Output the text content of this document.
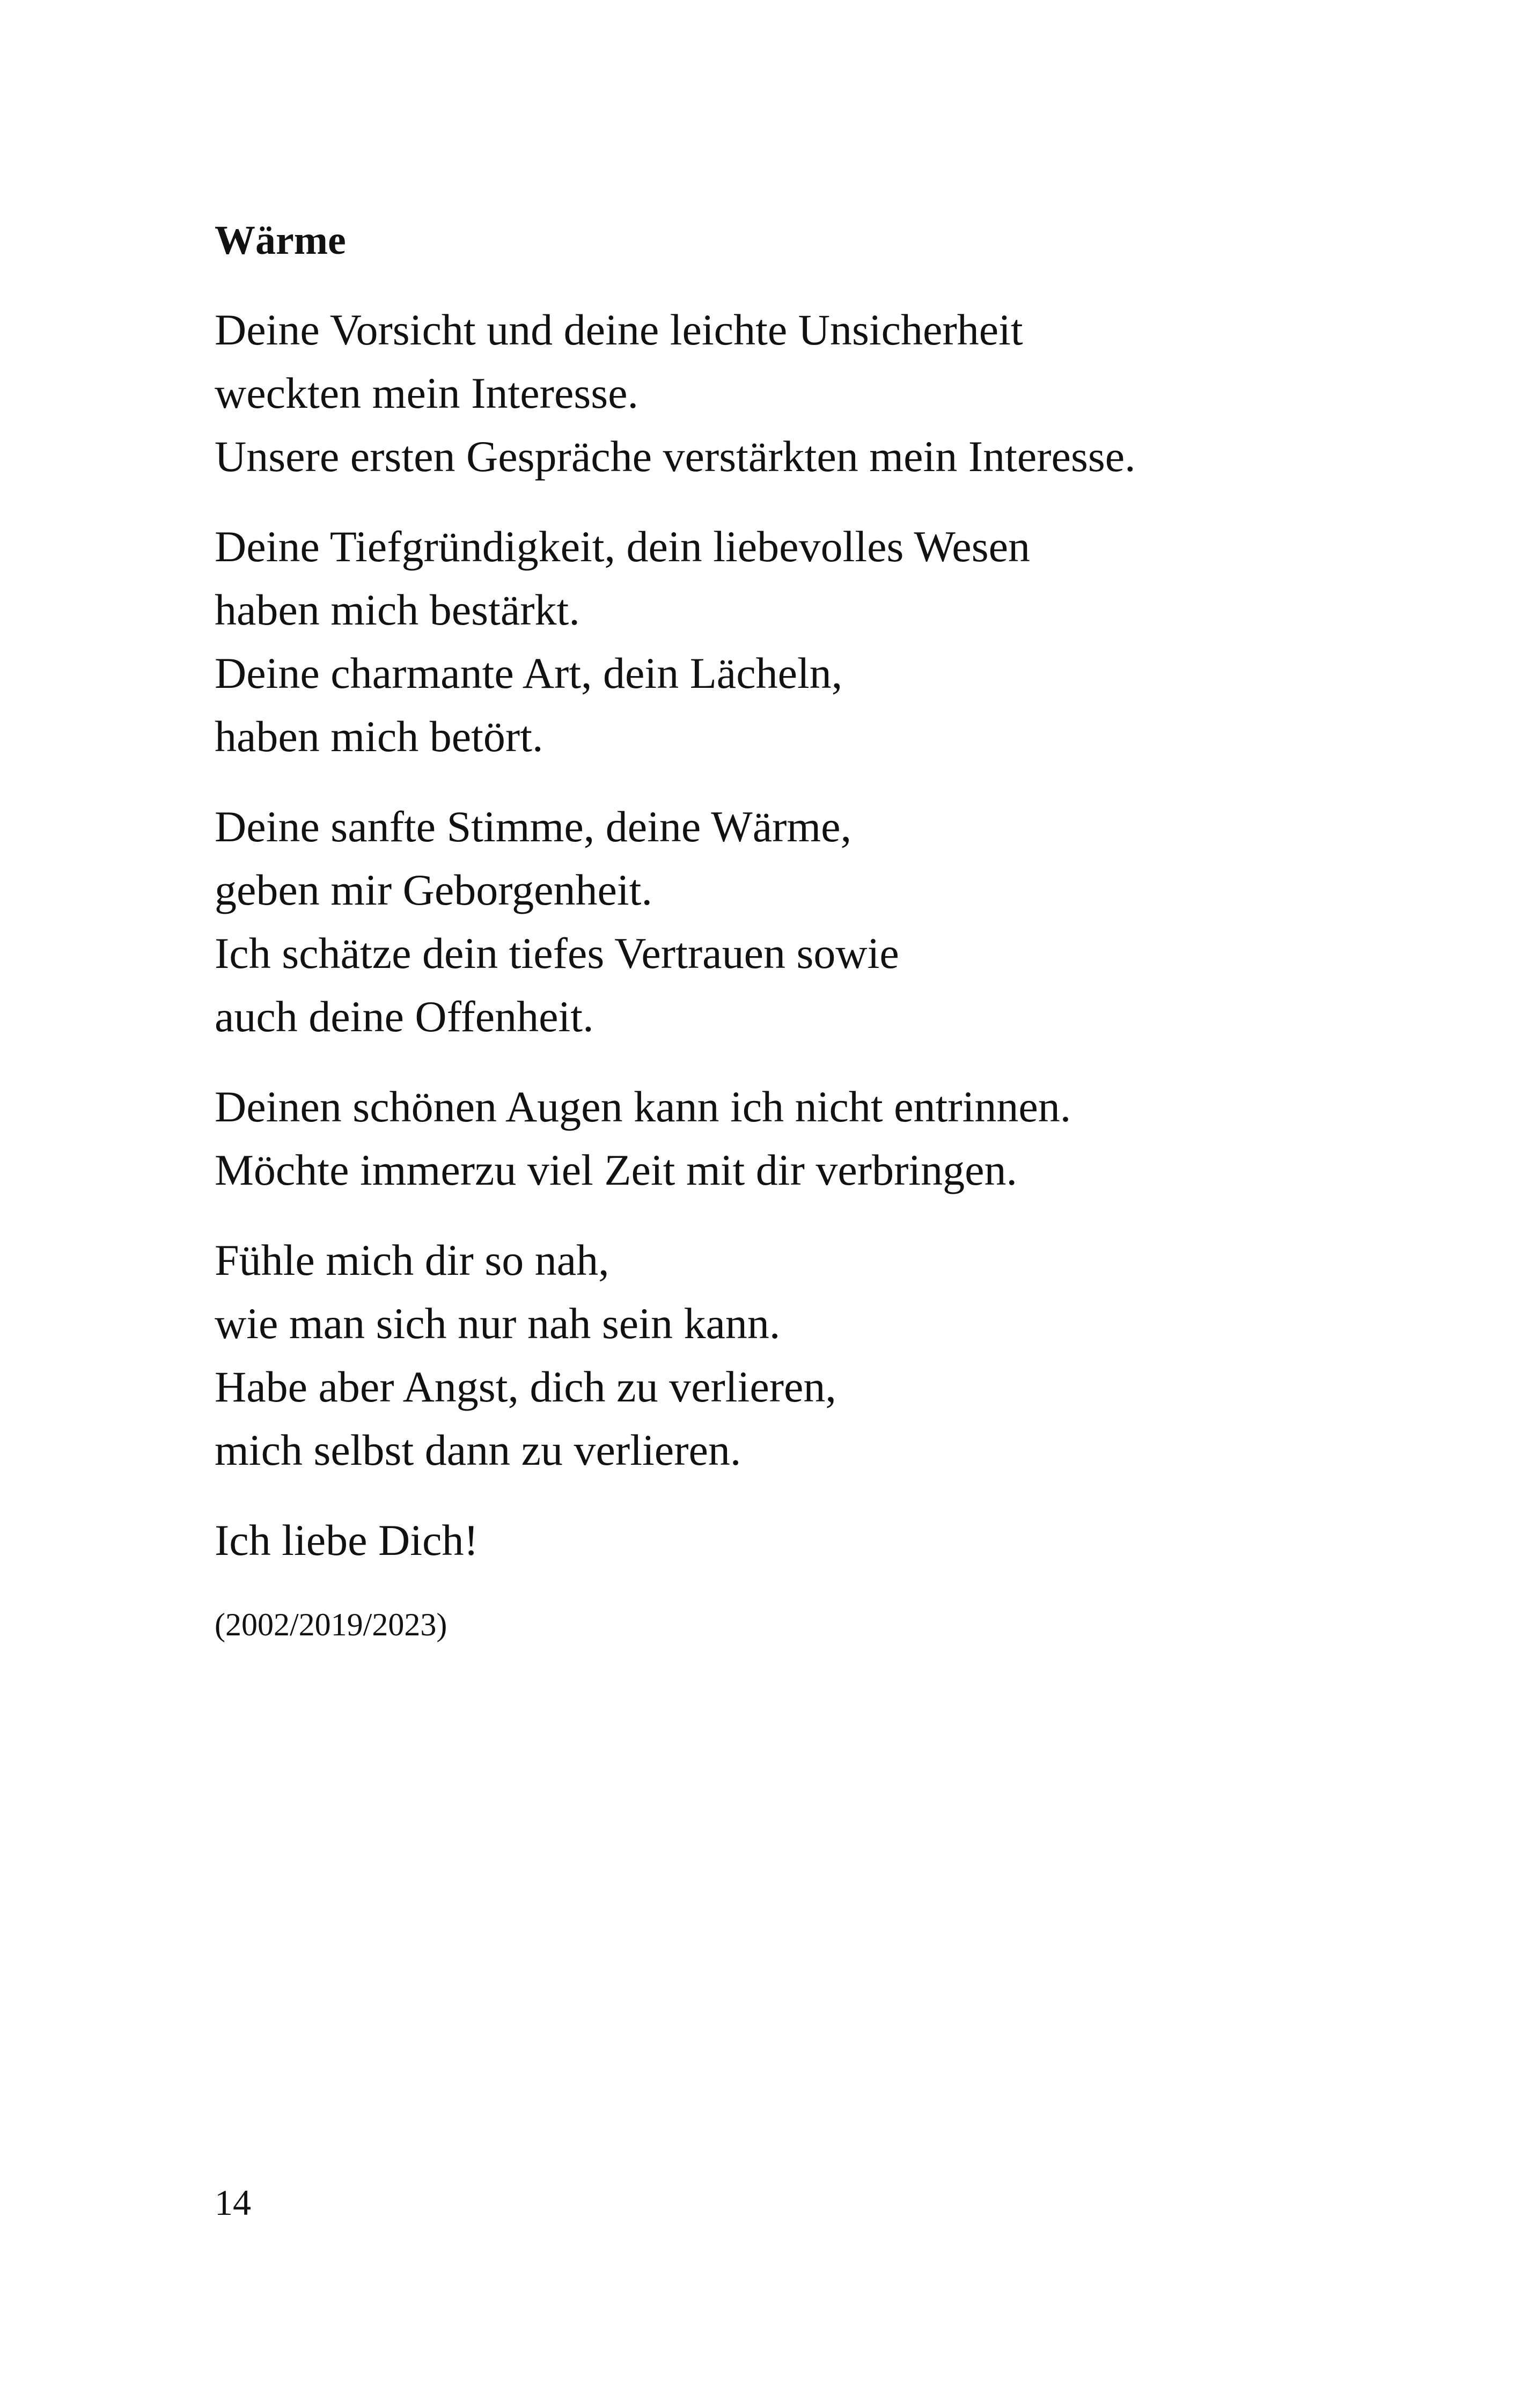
Wärme
Deine Vorsicht und deine leichte Unsicherheit
weckten mein Interesse.
Unsere ersten Gespräche verstärkten mein Interesse.
Deine Tiefgründigkeit, dein liebevolles Wesen
haben mich bestärkt.
Deine charmante Art, dein Lächeln,
haben mich betört.
Deine sanfte Stimme, deine Wärme,
geben mir Geborgenheit.
Ich schätze dein tiefes Vertrauen sowie
auch deine Offenheit.
Deinen schönen Augen kann ich nicht entrinnen.
Möchte immerzu viel Zeit mit dir verbringen.
Fühle mich dir so nah,
wie man sich nur nah sein kann.
Habe aber Angst, dich zu verlieren,
mich selbst dann zu verlieren.
Ich liebe Dich!
(2002/2019/2023)
14
